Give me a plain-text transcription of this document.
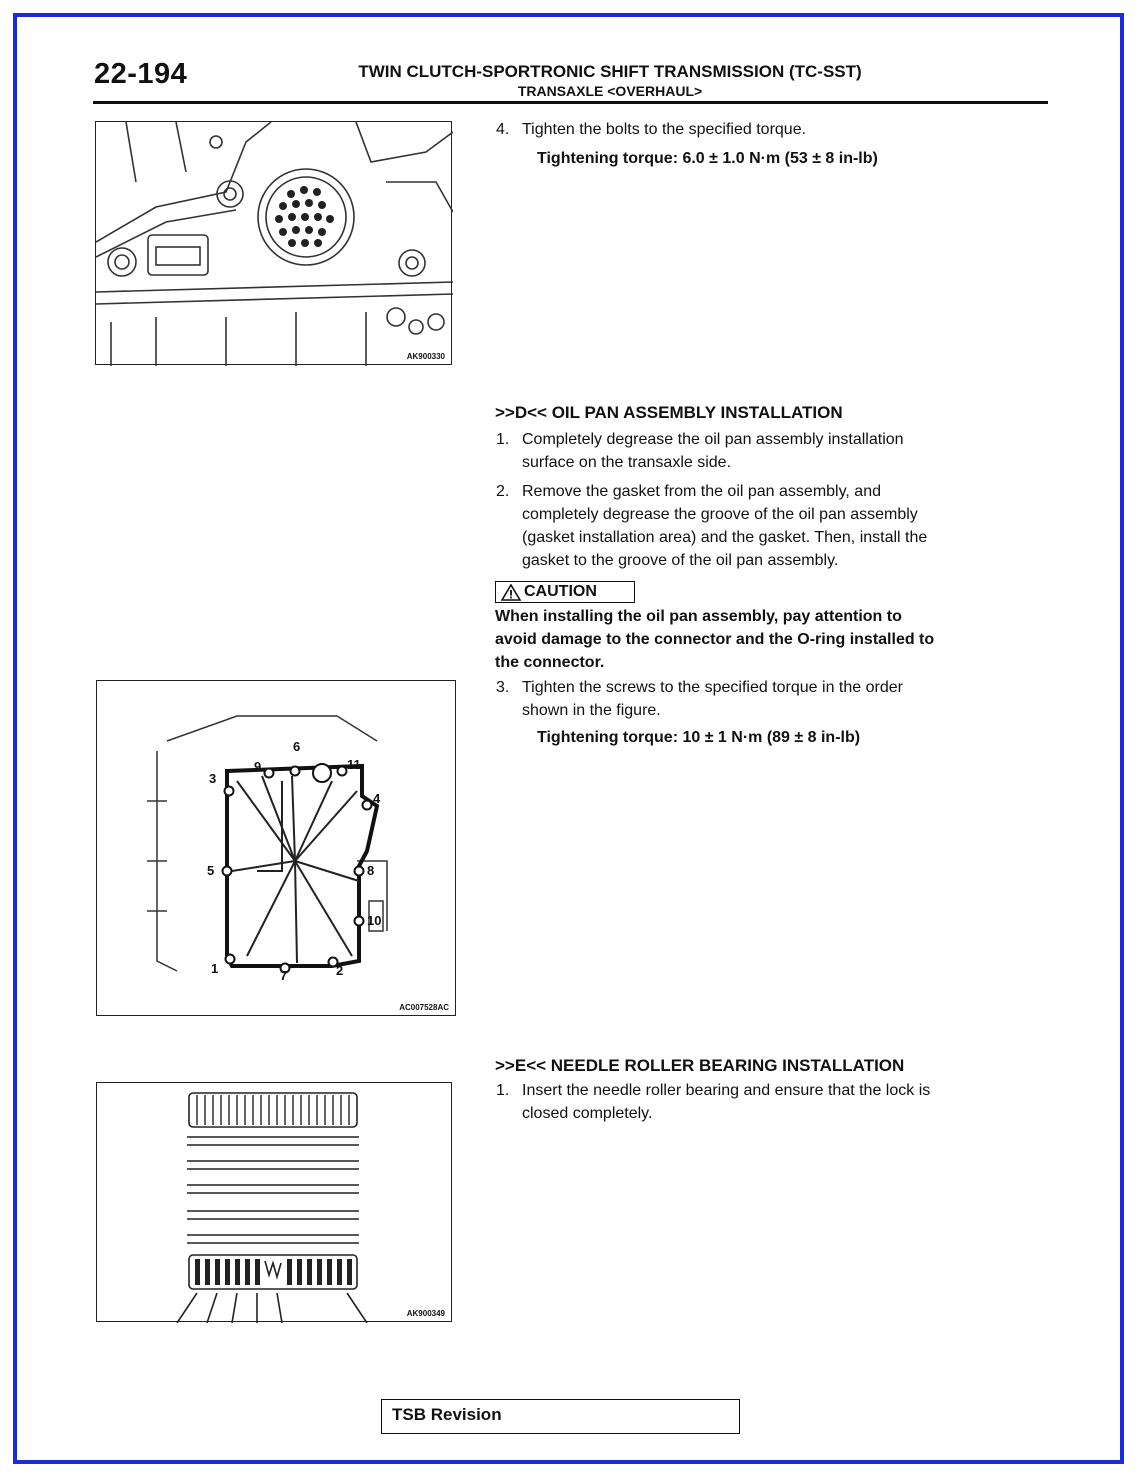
22-194	TWIN CLUTCH-SPORTRONIC SHIFT TRANSMISSION (TC-SST)
TRANSAXLE <OVERHAUL>
AK900330
4. Tighten the bolts to the specified torque.
Tightening torque: 6.0 ± 1.0 N·m (53 ± 8 in-lb)
>>D<< OIL PAN ASSEMBLY INSTALLATION
1. Completely degrease the oil pan assembly installation
surface on the transaxle side.
2. Remove the gasket from the oil pan assembly, and
completely degrease the groove of the oil pan assembly
(gasket installation area) and the gasket. Then, install the
gasket to the groove of the oil pan assembly.
CAUTION
When installing the oil pan assembly, pay attention to
avoid damage to the connector and the O-ring installed to
the connector.
3. Tighten the screws to the specified torque in the order
shown in the figure.
Tightening torque: 10 ± 1 N·m (89 ± 8 in-lb)
1	2
3
4
5
6
7
8
9
10
11
AC007528AC
>>E<< NEEDLE ROLLER BEARING INSTALLATION
1. Insert the needle roller bearing and ensure that the lock is
closed completely.
AK900349
TSB Revision
